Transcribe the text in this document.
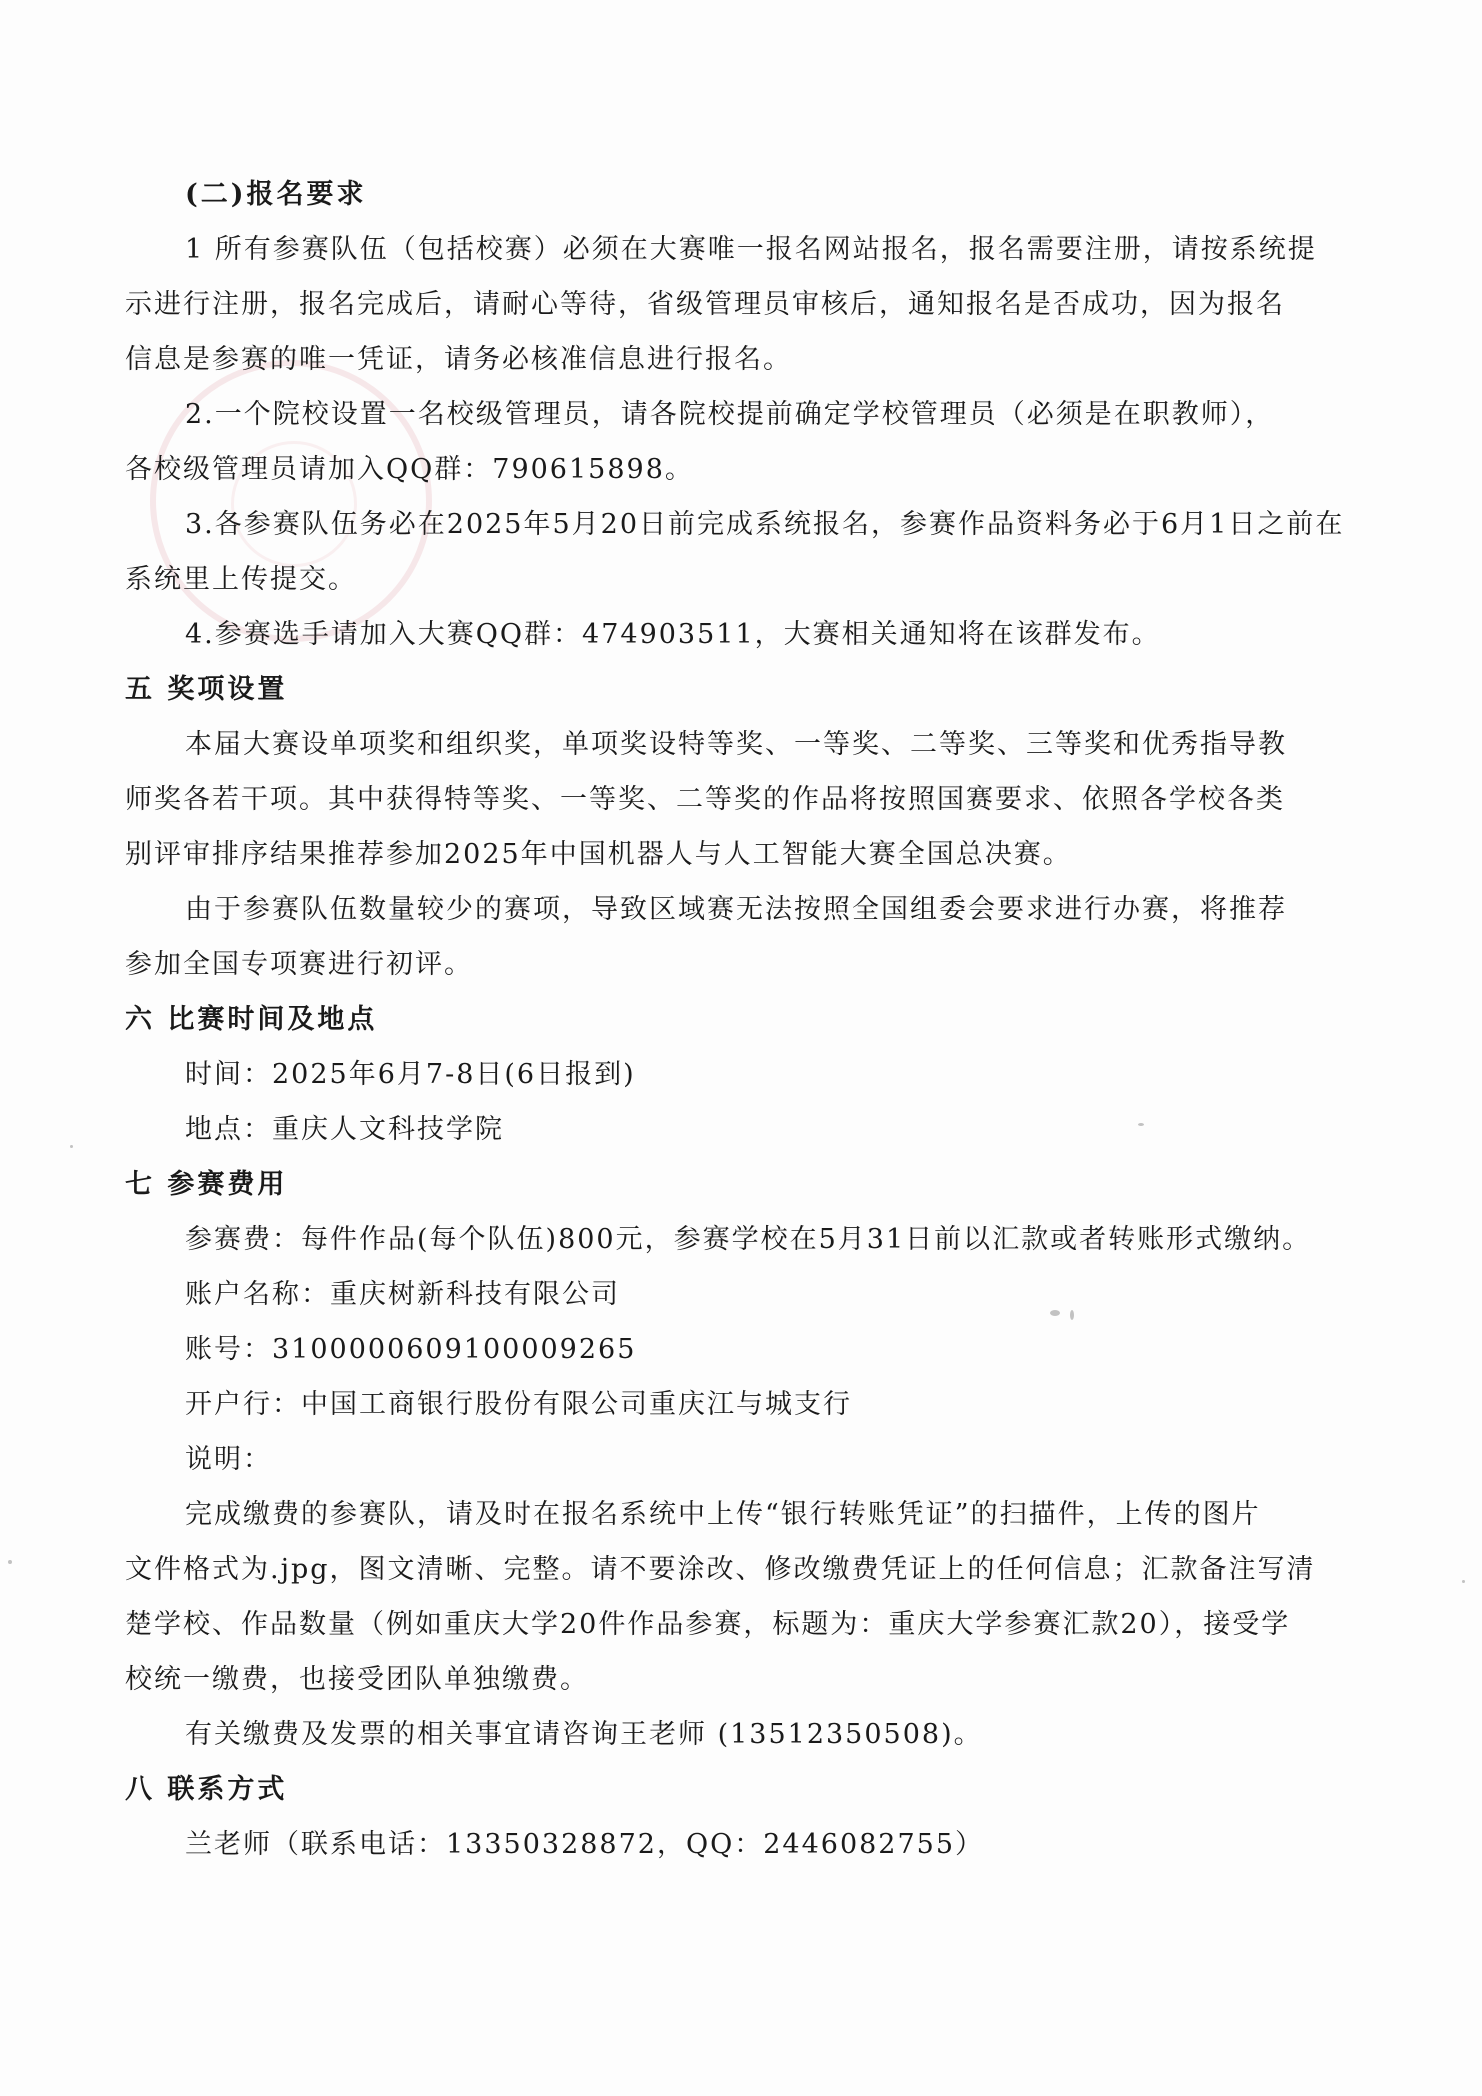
(二)报名要求
1 所有参赛队伍（包括校赛）必须在大赛唯一报名网站报名，报名需要注册，请按系统提
示进行注册，报名完成后，请耐心等待，省级管理员审核后，通知报名是否成功，因为报名
信息是参赛的唯一凭证，请务必核准信息进行报名。
2.一个院校设置一名校级管理员，请各院校提前确定学校管理员（必须是在职教师），
各校级管理员请加入QQ群：790615898。
3.各参赛队伍务必在2025年5月20日前完成系统报名，参赛作品资料务必于6月1日之前在
系统里上传提交。
4.参赛选手请加入大赛QQ群：474903511，大赛相关通知将在该群发布。
五 奖项设置
本届大赛设单项奖和组织奖，单项奖设特等奖、一等奖、二等奖、三等奖和优秀指导教
师奖各若干项。其中获得特等奖、一等奖、二等奖的作品将按照国赛要求、依照各学校各类
别评审排序结果推荐参加2025年中国机器人与人工智能大赛全国总决赛。
由于参赛队伍数量较少的赛项，导致区域赛无法按照全国组委会要求进行办赛，将推荐
参加全国专项赛进行初评。
六 比赛时间及地点
时间：2025年6月7-8日(6日报到)
地点：重庆人文科技学院
七 参赛费用
参赛费：每件作品(每个队伍)800元，参赛学校在5月31日前以汇款或者转账形式缴纳。
账户名称：重庆树新科技有限公司
账号：3100000609100009265
开户行：中国工商银行股份有限公司重庆江与城支行
说明：
完成缴费的参赛队，请及时在报名系统中上传“银行转账凭证”的扫描件，上传的图片
文件格式为.jpg，图文清晰、完整。请不要涂改、修改缴费凭证上的任何信息；汇款备注写清
楚学校、作品数量（例如重庆大学20件作品参赛，标题为：重庆大学参赛汇款20），接受学
校统一缴费，也接受团队单独缴费。
有关缴费及发票的相关事宜请咨询王老师 (13512350508)。
八 联系方式
兰老师（联系电话：13350328872，QQ：2446082755）
